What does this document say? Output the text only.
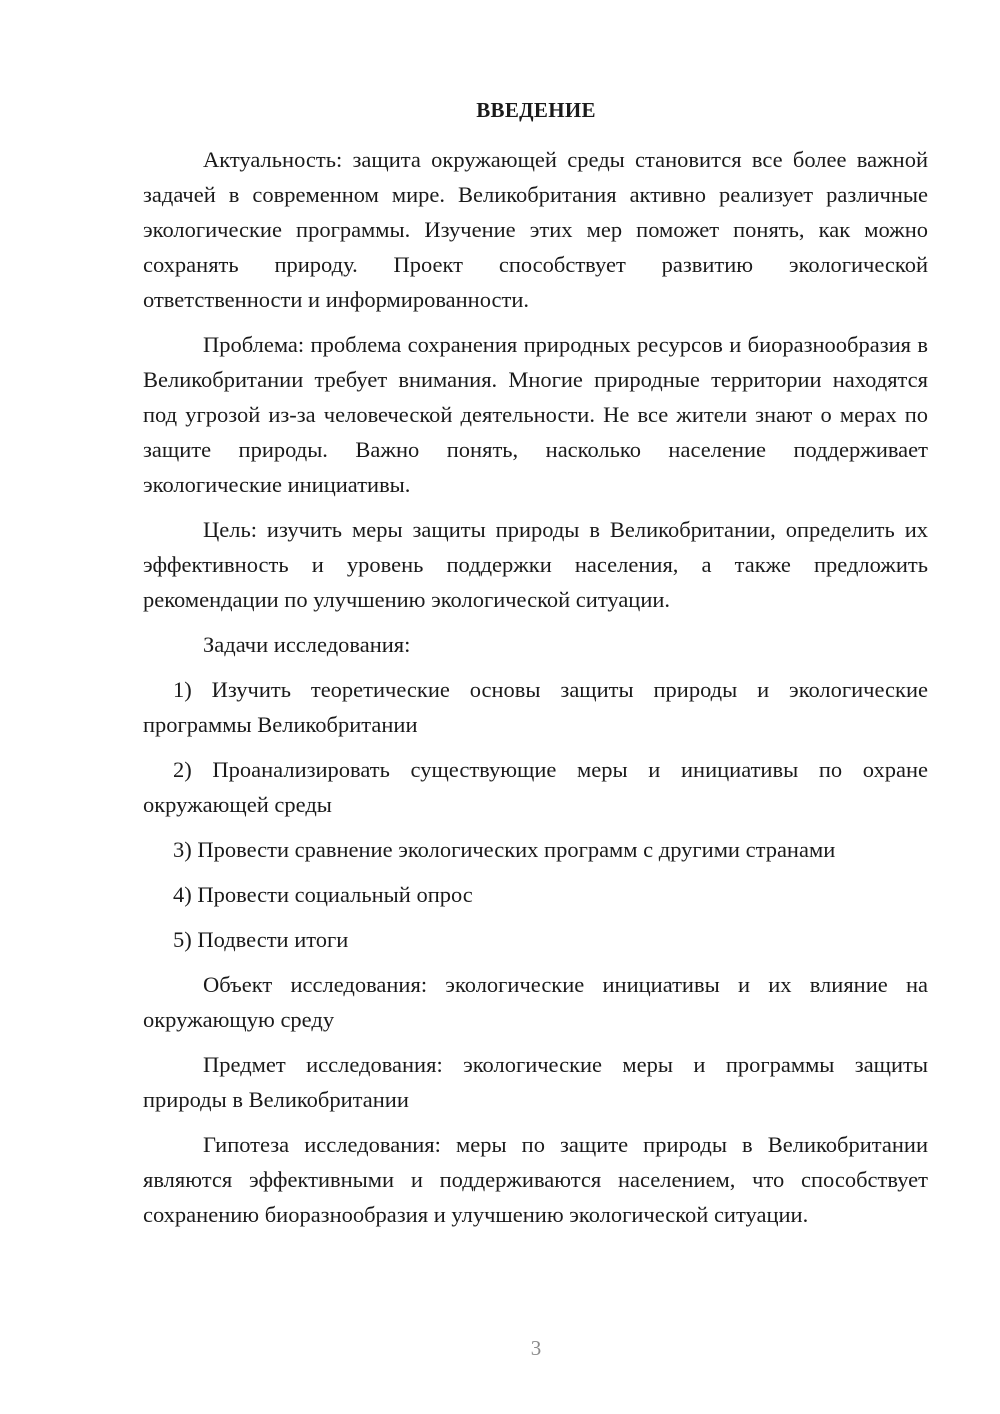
ВВЕДЕНИЕ

Актуальность: защита окружающей среды становится все более важной задачей в современном мире. Великобритания активно реализует различные экологические программы. Изучение этих мер поможет понять, как можно сохранять природу. Проект способствует развитию экологической ответственности и информированности.

Проблема: проблема сохранения природных ресурсов и биоразнообразия в Великобритании требует внимания. Многие природные территории находятся под угрозой из-за человеческой деятельности. Не все жители знают о мерах по защите природы. Важно понять, насколько население поддерживает экологические инициативы.

Цель: изучить меры защиты природы в Великобритании, определить их эффективность и уровень поддержки населения, а также предложить рекомендации по улучшению экологической ситуации.

Задачи исследования:

1) Изучить теоретические основы защиты природы и экологические программы Великобритании

2) Проанализировать существующие меры и инициативы по охране окружающей среды

3) Провести сравнение экологических программ с другими странами

4) Провести социальный опрос

5) Подвести итоги

Объект исследования: экологические инициативы и их влияние на окружающую среду

Предмет исследования: экологические меры и программы защиты природы в Великобритании

Гипотеза исследования: меры по защите природы в Великобритании являются эффективными и поддерживаются населением, что способствует сохранению биоразнообразия и улучшению экологической ситуации.

3
